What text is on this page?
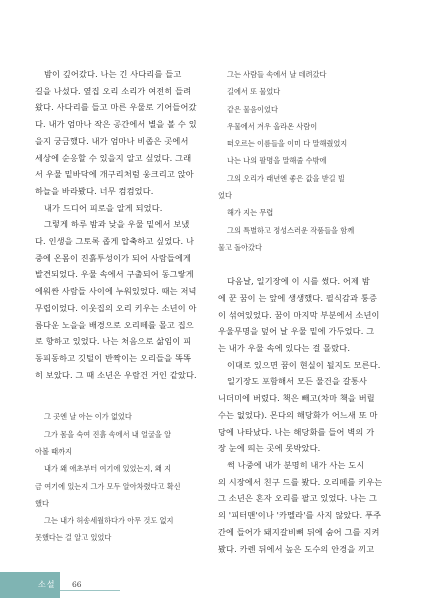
밤이 깊어갔다. 나는 긴 사다리를 들고

길을 나섰다. 옆집 오리 소리가 여전히 들려

왔다. 사다리를 들고 마른 우물로 기어들어갔

다. 내가 엄마나 작은 공간에서 별을 볼 수 있

을지 궁금했다. 내가 엄마나 비좁은 곳에서

세상에 순응할 수 있을지 알고 싶었다. 그래

서 우물 밑바닥에 개구리처럼 웅크리고 앉아

하늘을 바라봤다. 너무 컴컴었다.

내가 드디어 피로을 알게 되었다.

그렇게 하루 밤과 낮을 우물 밑에서 보냈

다. 인생을 그토록 좁게 압축하고 싶었다. 나

중에 온몸이 진흙투성이가 되어 사람들에게

발견되었다. 우물 속에서 구출되어 동그랗게

에워싼 사람들 사이에 누워있었다. 때는 저녁

무렵이었다. 이웃집의 오리 키우는 소년이 아

름다운 노을을 배경으로 오리떼를 몰고 집으

로 향하고 있었다. 나는 처음으로 삶임이 피

동피동하고 깃털이 반짝이는 오리들을 똑똑

히 보았다. 그 때 소년은 우람건 거인 같았다.

그 곳엔 날 아는 이가 없었다

그가 몸을 숙여 진흙 속에서 내 얼굴을 알

아볼 때까지

내가 왜 애초부터 여기에 있었는지, 왜 지

금 여기에 있는지 그가 모두 알아차렸다고 확신

했다

그는 내가 허송세월하다가 아무 것도 없지

못했다는 걸 알고 있었다

그는 사람들 속에서 날 데려갔다

길에서 또 물었다

같은 물음이었다

우물에서 겨우 올라온 사람이

떠오르는 이름들을 이미 다 말해줬었지

나는 나의 팔명을 말해줄 수밖에

그의 오리가 래년엔 좋은 값을 받길 빌

었다

해가 지는 무렵

그의 특별하고 정성스러운 작품들을 함께

물고 돌아갔다

다음날, 일기장에 이 시를 썼다. 어제 밤

에 꾼 꿈이 는 앞에 생생했다. 필식감과 퉁증

이 섞여있었다. 꿈이 마지막 부분에서 소년이

우울무명을 덮어 날 우물 밑에 가두었다. 그

는 내가 우물 속에 있다는 걸 몰랐다.

이대로 있으면 꿈이 현실이 될지도 모른다.

일기장도 포함해서 모든 물건을 갈통사

니더미에 버렸다. 책은 빼고(차마 책을 버릴

수는 없었다). 몬다의 해당화가 어느새 또 마

당에 나타났다. 나는 해당화를 들어 벽의 가

장 눈에 띄는 곳에 못박았다.

썩 나중에 내가 분명히 내가 사는 도시

의 시장에서 친구 드를 봤다. 오리떼를 키우는

그 소년은 혼자 오리를 팔고 있었다. 나는 그

의 '피터맨'이나 '카멜라'를 사지 않았다. 푸주

간에 들어가 돼지갈비뼈 뒤에 숨어 그를 지켜

봤다. 카렌 뒤에서 높은 도수의 안경을 끼고

소설 66
